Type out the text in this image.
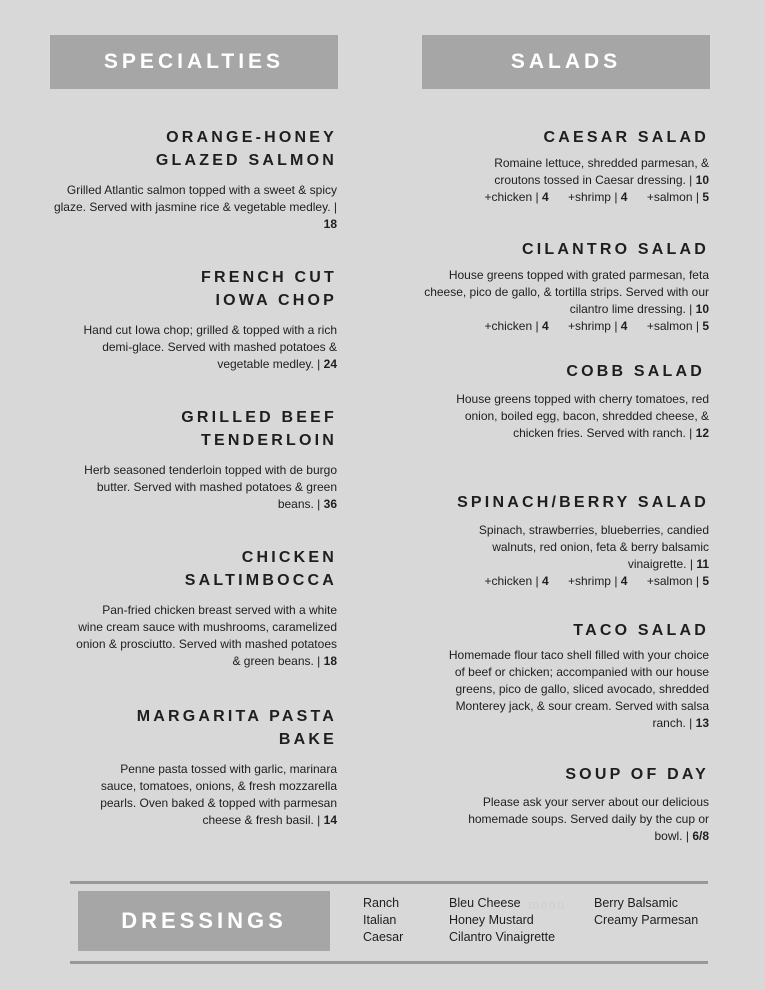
SPECIALTIES	SALADS

ORANGE-HONEY
GLAZED SALMON

Grilled Atlantic salmon topped with a sweet & spicy glaze. Served with jasmine rice & vegetable medley. | 18

FRENCH CUT
IOWA CHOP

Hand cut Iowa chop; grilled & topped with a rich demi-glace. Served with mashed potatoes & vegetable medley. | 24

GRILLED BEEF
TENDERLOIN

Herb seasoned tenderloin topped with de burgo butter. Served with mashed potatoes & green beans. | 36

CHICKEN
SALTIMBOCCA

Pan-fried chicken breast served with a white wine cream sauce with mushrooms, caramelized onion & prosciutto. Served with mashed potatoes & green beans. | 18

MARGARITA PASTA
BAKE

Penne pasta tossed with garlic, marinara sauce, tomatoes, onions, & fresh mozzarella pearls. Oven baked & topped with parmesan cheese & fresh basil. | 14

CAESAR SALAD

Romaine lettuce, shredded parmesan, & croutons tossed in Caesar dressing. | 10
+chicken | 4 +shrimp | 4 +salmon | 5

CILANTRO SALAD

House greens topped with grated parmesan, feta cheese, pico de gallo, & tortilla strips. Served with our cilantro lime dressing. | 10
+chicken | 4 +shrimp | 4 +salmon | 5

COBB SALAD

House greens topped with cherry tomatoes, red onion, boiled egg, bacon, shredded cheese, & chicken fries. Served with ranch. | 12

SPINACH/BERRY SALAD

Spinach, strawberries, blueberries, candied walnuts, red onion, feta & berry balsamic vinaigrette. | 11
+chicken | 4 +shrimp | 4 +salmon | 5

TACO SALAD

Homemade flour taco shell filled with your choice of beef or chicken; accompanied with our house greens, pico de gallo, sliced avocado, shredded Monterey jack, & sour cream. Served with salsa ranch. | 13

SOUP OF DAY

Please ask your server about our delicious homemade soups. Served daily by the cup or bowl. | 6/8
DRESSINGS
Ranch
Italian
Caesar
Bleu Cheese
Honey Mustard
Cilantro Vinaigrette
Berry Balsamic
Creamy Parmesan
menu
